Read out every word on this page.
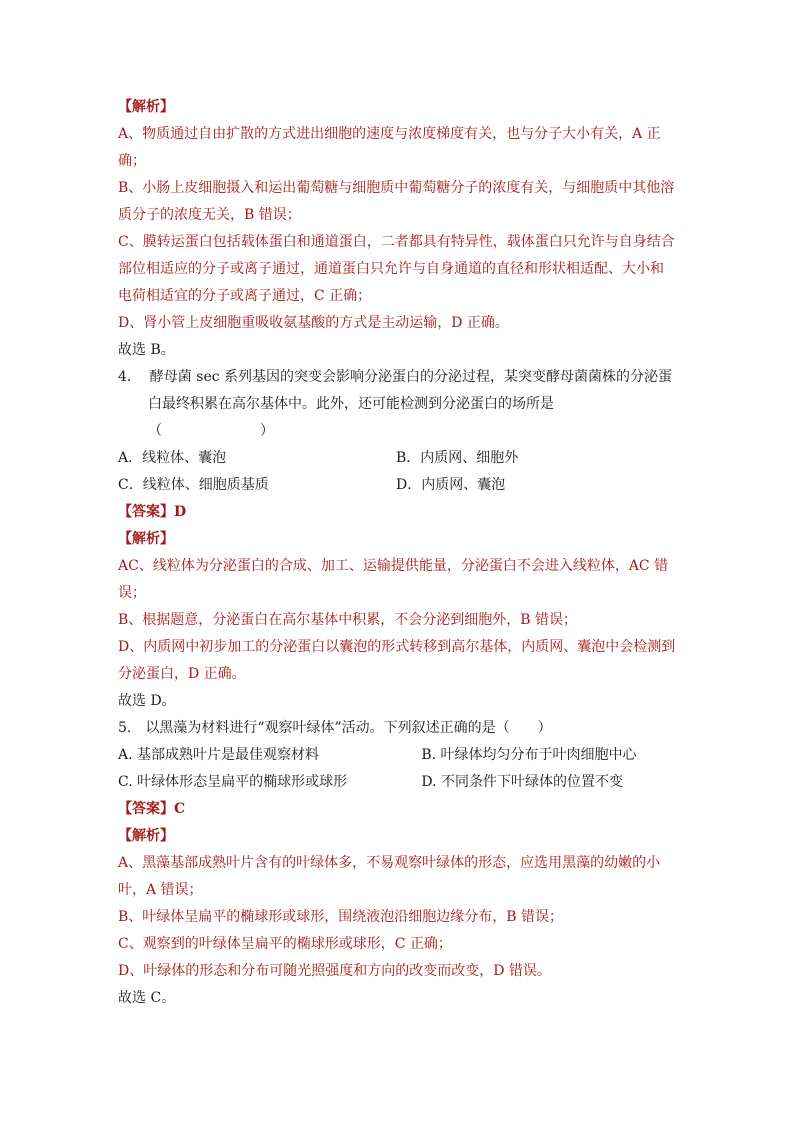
【解析】
A、物质通过自由扩散的方式进出细胞的速度与浓度梯度有关，也与分子大小有关，A 正
确；
B、小肠上皮细胞摄入和运出葡萄糖与细胞质中葡萄糖分子的浓度有关，与细胞质中其他溶
质分子的浓度无关，B 错误；
C、膜转运蛋白包括载体蛋白和通道蛋白，二者都具有特异性，载体蛋白只允许与自身结合
部位相适应的分子或离子通过，通道蛋白只允许与自身通道的直径和形状相适配、大小和
电荷相适宜的分子或离子通过，C 正确；
D、肾小管上皮细胞重吸收氨基酸的方式是主动运输，D 正确。
故选 B。
4.　 酵母菌 sec 系列基因的突变会影响分泌蛋白的分泌过程，某突变酵母菌菌株的分泌蛋
白最终积累在高尔基体中。此外，还可能检测到分泌蛋白的场所是
（　　　　　　　）
A．线粒体、囊泡	B．内质网、细胞外
C．线粒体、细胞质基质	D．内质网、囊泡
【答案】D
【解析】
AC、线粒体为分泌蛋白的合成、加工、运输提供能量，分泌蛋白不会进入线粒体，AC 错
误；
B、根据题意，分泌蛋白在高尔基体中积累，不会分泌到细胞外，B 错误；
D、内质网中初步加工的分泌蛋白以囊泡的形式转移到高尔基体，内质网、囊泡中会检测到
分泌蛋白，D 正确。
故选 D。
5.　以黑藻为材料进行“观察叶绿体”活动。下列叙述正确的是（　　）
A. 基部成熟叶片是最佳观察材料	B. 叶绿体均匀分布于叶肉细胞中心
C. 叶绿体形态呈扁平的椭球形或球形	D. 不同条件下叶绿体的位置不变
【答案】C
【解析】
A、黑藻基部成熟叶片含有的叶绿体多，不易观察叶绿体的形态，应选用黑藻的幼嫩的小
叶，A 错误；
B、叶绿体呈扁平的椭球形或球形，围绕液泡沿细胞边缘分布，B 错误；
C、观察到的叶绿体呈扁平的椭球形或球形，C 正确；
D、叶绿体的形态和分布可随光照强度和方向的改变而改变，D 错误。
故选 C。
